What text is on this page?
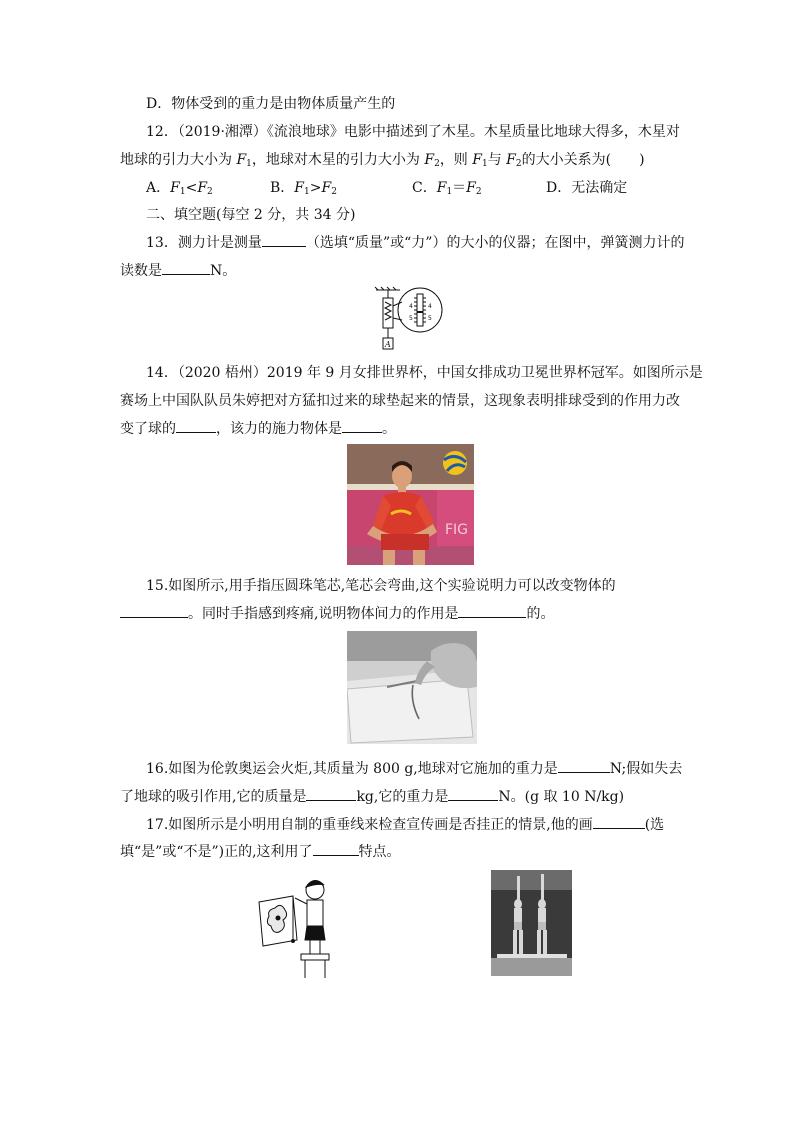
D．物体受到的重力是由物体质量产生的
12．（2019·湘潭）《流浪地球》电影中描述到了木星。木星质量比地球大得多，木星对
地球的引力大小为 $F_1$，地球对木星的引力大小为 $F_2$，则 $F_1$与 $F_2$的大小关系为(　　)
A．$F_1<F_2$	B．$F_1>F_2$	C．$F_1=F_2$	D．无法确定
二、填空题(每空 2 分，共 34 分)
13．测力计是测量	（选填“质量”或“力”）的大小的仪器；在图中，弹簧测力计的
读数是	N。
4
5
4
5
A
14．（2020 梧州）2019 年 9 月女排世界杯，中国女排成功卫冕世界杯冠军。如图所示是
赛场上中国队队员朱婷把对方猛扣过来的球垫起来的情景，这现象表明排球受到的作用力改
变了球的	，该力的施力物体是	。
FIG
15.如图所示,用手指压圆珠笔芯,笔芯会弯曲,这个实验说明力可以改变物体的
。同时手指感到疼痛,说明物体间力的作用是	的。
16.如图为伦敦奥运会火炬,其质量为 800 g,地球对它施加的重力是	N;假如失去
了地球的吸引作用,它的质量是	kg,它的重力是	N。(g 取 10 N/kg)
17.如图所示是小明用自制的重垂线来检查宣传画是否挂正的情景,他的画	(选
填“是”或“不是”)正的,这利用了	特点。
